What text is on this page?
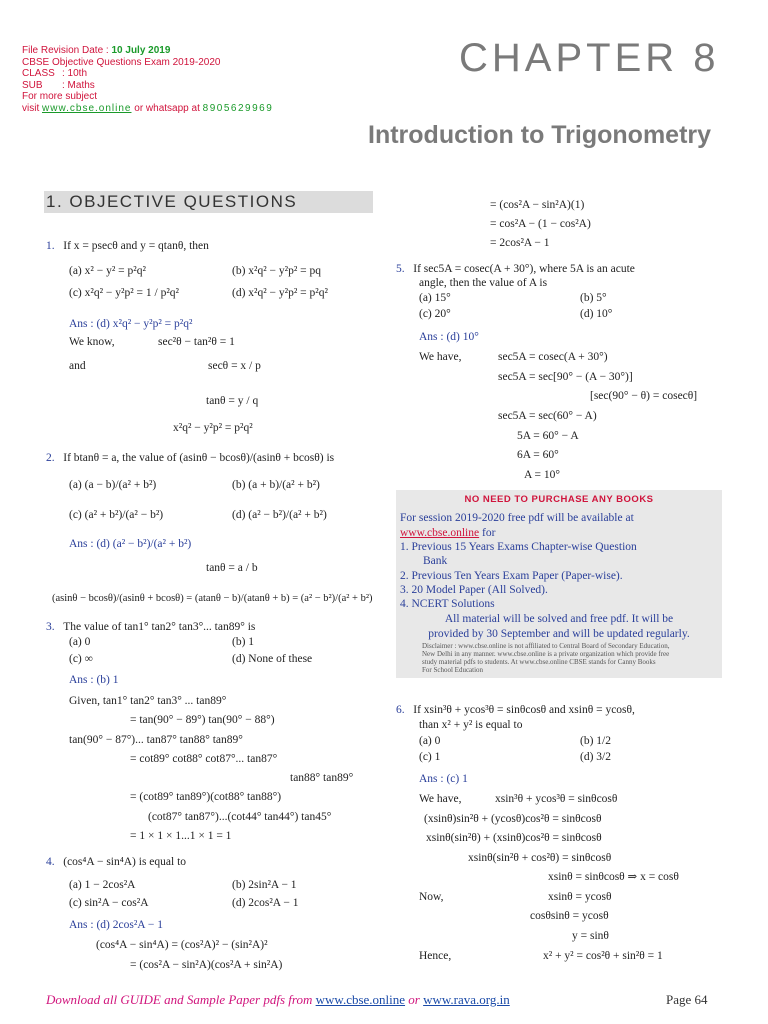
File Revision Date : 10 July 2019
CBSE Objective Questions Exam 2019-2020
CLASS : 10th
SUB : Maths
For more subject
visit www.cbse.online or whatsapp at 8905629969
CHAPTER 8
Introduction to Trigonometry
1. OBJECTIVE QUESTIONS
1. If x = psecθ and y = qtanθ, then
(a) x² − y² = p²q²	(b) x²q² − y²p² = pq
(c) x²q² − y²p² = 1 / p²q²	(d) x²q² − y²p² = p²q²
Ans : (d) x²q² − y²p² = p²q²
We know,	sec²θ − tan²θ = 1
and	secθ = x / p
tanθ = y / q
x²q² − y²p² = p²q²
2. If btanθ = a, the value of (asinθ − bcosθ)/(asinθ + bcosθ) is
(a) (a − b)/(a² + b²)	(b) (a + b)/(a² + b²)
(c) (a² + b²)/(a² − b²)	(d) (a² − b²)/(a² + b²)
Ans : (d) (a² − b²)/(a² + b²)
tanθ = a / b
(asinθ − bcosθ)/(asinθ + bcosθ) = (atanθ − b)/(atanθ + b) = (a² − b²)/(a² + b²)
3. The value of tan1° tan2° tan3°... tan89° is
(a) 0	(b) 1
(c) ∞	(d) None of these
Ans : (b) 1
Given, tan1° tan2° tan3° ... tan89°
= tan(90° − 89°) tan(90° − 88°)
tan(90° − 87°)... tan87° tan88° tan89°
= cot89° cot88° cot87°... tan87°
tan88° tan89°
= (cot89° tan89°)(cot88° tan88°)
(cot87° tan87°)...(cot44° tan44°) tan45°
= 1 × 1 × 1...1 × 1 = 1
4. (cos⁴A − sin⁴A) is equal to
(a) 1 − 2cos²A	(b) 2sin²A − 1
(c) sin²A − cos²A	(d) 2cos²A − 1
Ans : (d) 2cos²A − 1
(cos⁴A − sin⁴A) = (cos²A)² − (sin²A)²
= (cos²A − sin²A)(cos²A + sin²A)
= (cos²A − sin²A)(1)
= cos²A − (1 − cos²A)
= 2cos²A − 1
5. If sec5A = cosec(A + 30°), where 5A is an acute
angle, then the value of A is
(a) 15°	(b) 5°
(c) 20°	(d) 10°
Ans : (d) 10°
We have,	sec5A = cosec(A + 30°)
sec5A = sec[90° − (A − 30°)]
[sec(90° − θ) = cosecθ]
sec5A = sec(60° − A)
5A = 60° − A
6A = 60°
A = 10°
NO NEED TO PURCHASE ANY BOOKS
For session 2019-2020 free pdf will be available at
www.cbse.online for
1. Previous 15 Years Exams Chapter-wise Question
Bank
2. Previous Ten Years Exam Paper (Paper-wise).
3. 20 Model Paper (All Solved).
4. NCERT Solutions
All material will be solved and free pdf. It will be
provided by 30 September and will be updated regularly.
Disclaimer : www.cbse.online is not affiliated to Central Board of Secondary Education,
New Delhi in any manner. www.cbse.online is a private organization which provide free
study material pdfs to students. At www.cbse.online CBSE stands for Canny Books
For School Education
6. If xsin³θ + ycos³θ = sinθcosθ and xsinθ = ycosθ,
than x² + y² is equal to
(a) 0	(b) 1/2
(c) 1	(d) 3/2
Ans : (c) 1
We have,	xsin³θ + ycos³θ = sinθcosθ
(xsinθ)sin²θ + (ycosθ)cos²θ = sinθcosθ
xsinθ(sin²θ) + (xsinθ)cos²θ = sinθcosθ
xsinθ(sin²θ + cos²θ) = sinθcosθ
xsinθ = sinθcosθ ⇒ x = cosθ
Now,	xsinθ = ycosθ
cosθsinθ = ycosθ
y = sinθ
Hence,	x² + y² = cos²θ + sin²θ = 1
Download all GUIDE and Sample Paper pdfs from www.cbse.online or www.rava.org.in	Page 64
